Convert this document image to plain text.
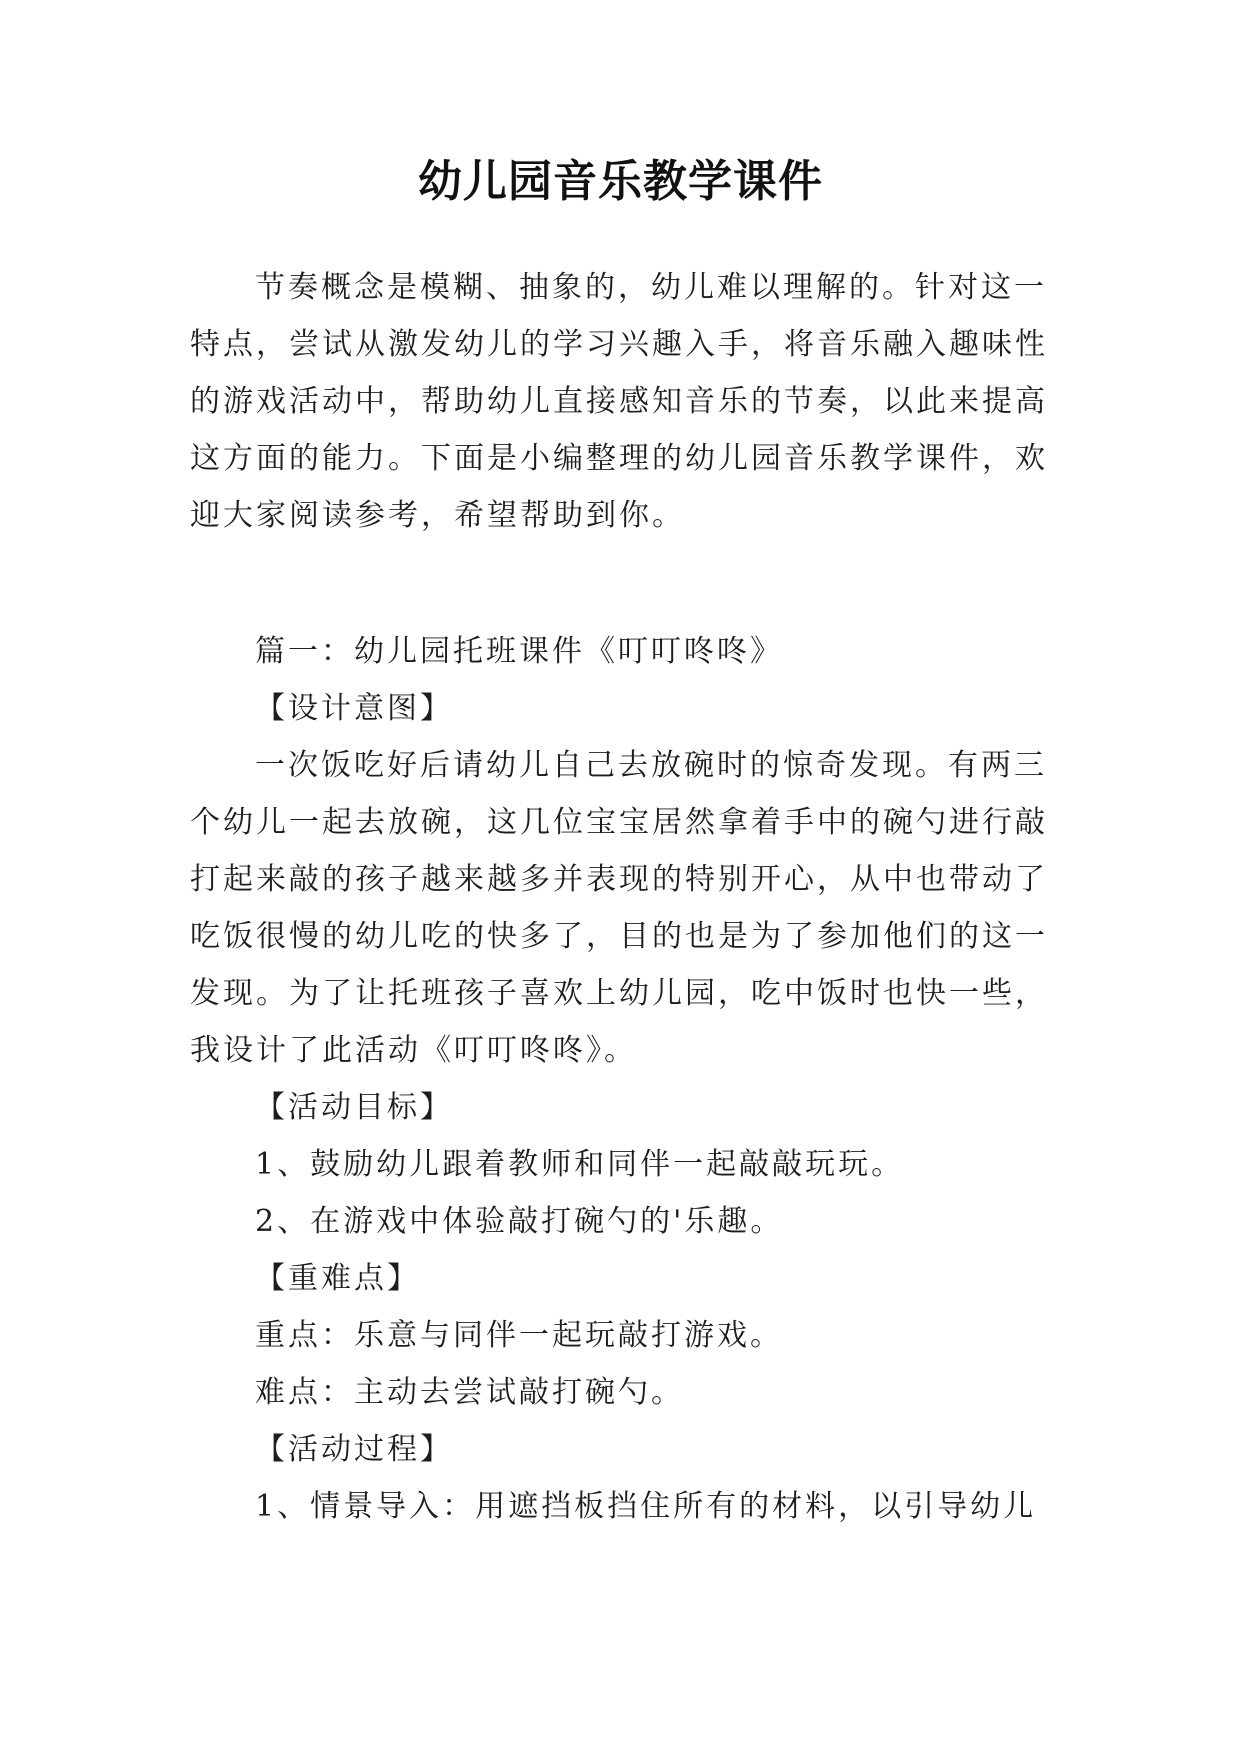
幼儿园音乐教学课件
节奏概念是模糊、抽象的，幼儿难以理解的。针对这一
特点，尝试从激发幼儿的学习兴趣入手，将音乐融入趣味性
的游戏活动中，帮助幼儿直接感知音乐的节奏，以此来提高
这方面的能力。下面是小编整理的幼儿园音乐教学课件，欢
迎大家阅读参考，希望帮助到你。
篇一：幼儿园托班课件《叮叮咚咚》
【设计意图】
一次饭吃好后请幼儿自己去放碗时的惊奇发现。有两三
个幼儿一起去放碗，这几位宝宝居然拿着手中的碗勺进行敲
打起来敲的孩子越来越多并表现的特别开心，从中也带动了
吃饭很慢的幼儿吃的快多了，目的也是为了参加他们的这一
发现。为了让托班孩子喜欢上幼儿园，吃中饭时也快一些，
我设计了此活动《叮叮咚咚》。
【活动目标】
1、鼓励幼儿跟着教师和同伴一起敲敲玩玩。
2、在游戏中体验敲打碗勺的'乐趣。
【重难点】
重点：乐意与同伴一起玩敲打游戏。
难点：主动去尝试敲打碗勺。
【活动过程】
1、情景导入：用遮挡板挡住所有的材料，以引导幼儿
